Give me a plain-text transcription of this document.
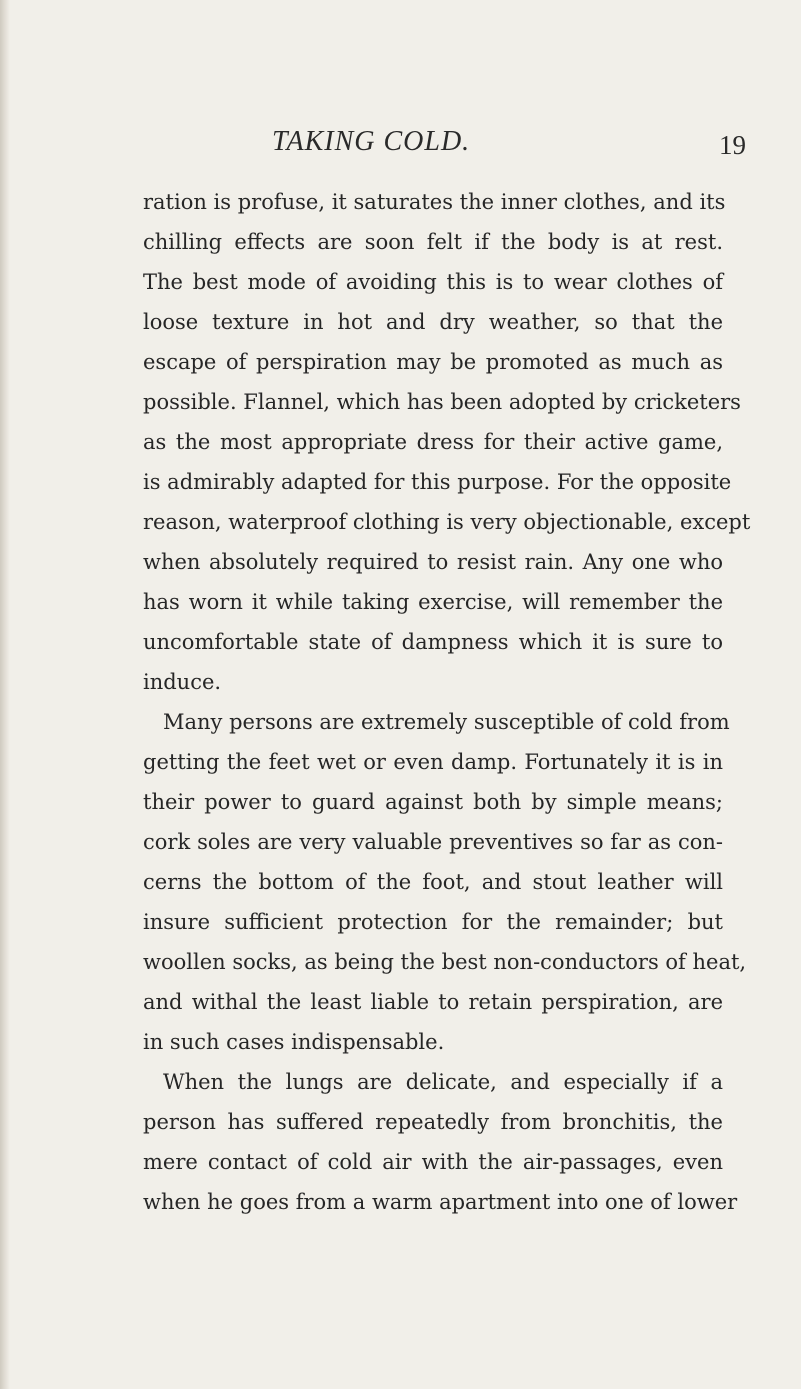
TAKING COLD.	19
ration is profuse, it saturates the inner clothes, and its
chilling effects are soon felt if the body is at rest.
The best mode of avoiding this is to wear clothes of
loose texture in hot and dry weather, so that the
escape of perspiration may be promoted as much as
possible. Flannel, which has been adopted by cricketers
as the most appropriate dress for their active game,
is admirably adapted for this purpose. For the opposite
reason, waterproof clothing is very objectionable, except
when absolutely required to resist rain. Any one who
has worn it while taking exercise, will remember the
uncomfortable state of dampness which it is sure to
induce.
Many persons are extremely susceptible of cold from
getting the feet wet or even damp. Fortunately it is in
their power to guard against both by simple means;
cork soles are very valuable preventives so far as con-
cerns the bottom of the foot, and stout leather will
insure sufficient protection for the remainder; but
woollen socks, as being the best non-conductors of heat,
and withal the least liable to retain perspiration, are
in such cases indispensable.
When the lungs are delicate, and especially if a
person has suffered repeatedly from bronchitis, the
mere contact of cold air with the air-passages, even
when he goes from a warm apartment into one of lower
